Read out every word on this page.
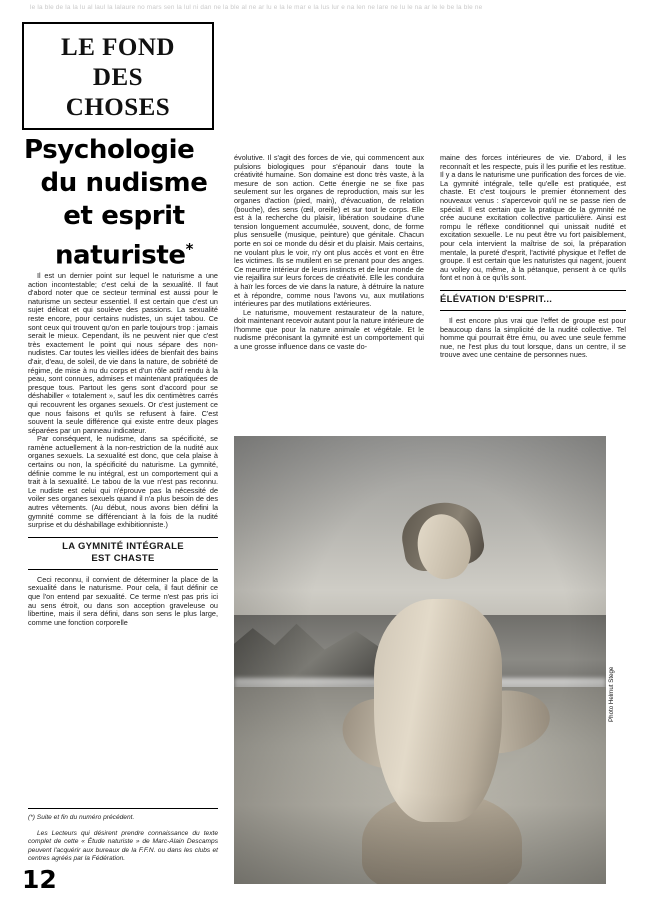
le la ble de la la lu al laul la lalaure no mars sen la lul ni dan ne la ble al ne ar lu e la le mar e la lus lur e na len ne lare ne lu le na ar le le be la ble ne
LE FOND
DES
CHOSES
Psychologie
du nudisme
et esprit
naturiste*

Il est un dernier point sur lequel le naturisme a une action incontestable; c'est celui de la sexualité. Il faut d'abord noter que ce secteur terminal est aussi pour le naturisme un secteur essentiel. Il est certain que c'est un sujet délicat et qui soulève des passions. La sexualité reste encore, pour certains nudistes, un sujet tabou. Ce sont ceux qui trouvent qu'on en parle toujours trop : jamais serait le mieux. Cependant, ils ne peuvent nier que c'est très exactement le point qui nous sépare des non-nudistes. Car toutes les vieilles idées de bienfait des bains d'air, d'eau, de soleil, de vie dans la nature, de sobriété de régime, de mise à nu du corps et d'un rôle actif rendu à la peau, sont connues, admises et maintenant pratiquées de presque tous. Partout les gens sont d'accord pour se déshabiller « totalement », sauf les dix centimètres carrés qui recouvrent les organes sexuels. Or c'est justement ce que nous faisons et qu'ils se refusent à faire. C'est souvent la seule différence qui existe entre deux plages séparées par un panneau indicateur.

Par conséquent, le nudisme, dans sa spécificité, se ramène actuellement à la non-restriction de la nudité aux organes sexuels. La sexualité est donc, que cela plaise à certains ou non, la spécificité du naturisme. La gymnité, définie comme le nu intégral, est un comportement qui a trait à la sexualité. Le tabou de la vue n'est pas reconnu. Le nudiste est celui qui n'éprouve pas la nécessité de voiler ses organes sexuels quand il n'a plus besoin de des autres vêtements. (Au début, nous avons bien défini la gymnité comme se différenciant à la fois de la nudité surprise et du déshabillage exhibitionniste.)

LA GYMNITÉ INTÉGRALE
EST CHASTE

Ceci reconnu, il convient de déterminer la place de la sexualité dans le naturisme. Pour cela, il faut définir ce que l'on entend par sexualité. Ce terme n'est pas pris ici au sens étroit, ou dans son acception graveleuse ou libertine, mais il sera défini, dans son sens le plus large, comme une fonction corporelle

évolutive. Il s'agit des forces de vie, qui commencent aux pulsions biologiques pour s'épanouir dans toute la créativité humaine. Son domaine est donc très vaste, à la mesure de son action. Cette énergie ne se fixe pas seulement sur les organes de reproduction, mais sur les organes d'action (pied, main), d'évacuation, de relation (bouche), des sens (œil, oreille) et sur tout le corps. Elle est à la recherche du plaisir, libération soudaine d'une tension longuement accumulée, souvent, donc, de forme plus sensuelle (musique, peinture) que génitale. Chacun porte en soi ce monde du désir et du plaisir. Mais certains, ne voulant plus le voir, n'y ont plus accès et vont en être les victimes. Ils se mutilent en se prenant pour des anges. Ce meurtre intérieur de leurs instincts et de leur monde de vie rejaillira sur leurs forces de créativité. Elle les conduira à haïr les forces de vie dans la nature, à détruire la nature et à répondre, comme nous l'avons vu, aux mutilations intérieures par des mutilations extérieures.

Le naturisme, mouvement restaurateur de la nature, doit maintenant recevoir autant pour la nature intérieure de l'homme que pour la nature animale et végétale. Et le nudisme préconisant la gymnité est un comportement qui a une grosse influence dans ce vaste do-

maine des forces intérieures de vie. D'abord, il les reconnaît et les respecte, puis il les purifie et les restitue. Il y a dans le naturisme une purification des forces de vie. La gymnité intégrale, telle qu'elle est pratiquée, est chaste. Et c'est toujours le premier étonnement des nouveaux venus : s'apercevoir qu'il ne se passe rien de spécial. Il est certain que la pratique de la gymnité ne crée aucune excitation collective particulière. Ainsi est rompu le réflexe conditionnel qui unissait nudité et excitation sexuelle. Le nu peut être vu fort paisiblement, pour cela intervient la maîtrise de soi, la préparation mentale, la pureté d'esprit, l'activité physique et l'effet de groupe. Il est certain que les naturistes qui nagent, jouent au volley ou, même, à la pétanque, pensent à ce qu'ils font et non à ce qu'ils sont.

ÉLÉVATION D'ESPRIT...

Il est encore plus vrai que l'effet de groupe est pour beaucoup dans la simplicité de la nudité collective. Tel homme qui pourrait être ému, ou avec une seule femme nue, ne l'est plus du tout lorsque, dans un centre, il se trouve avec une centaine de personnes nues.

(*) Suite et fin du numéro précédent.
Les Lecteurs qui désirent prendre connaissance du texte complet de cette « Étude naturiste » de Marc-Alain Descamps peuvent l'acquérir aux bureaux de la F.F.N. ou dans les clubs et centres agréés par la Fédération.
12
Photo Helmut Stege
